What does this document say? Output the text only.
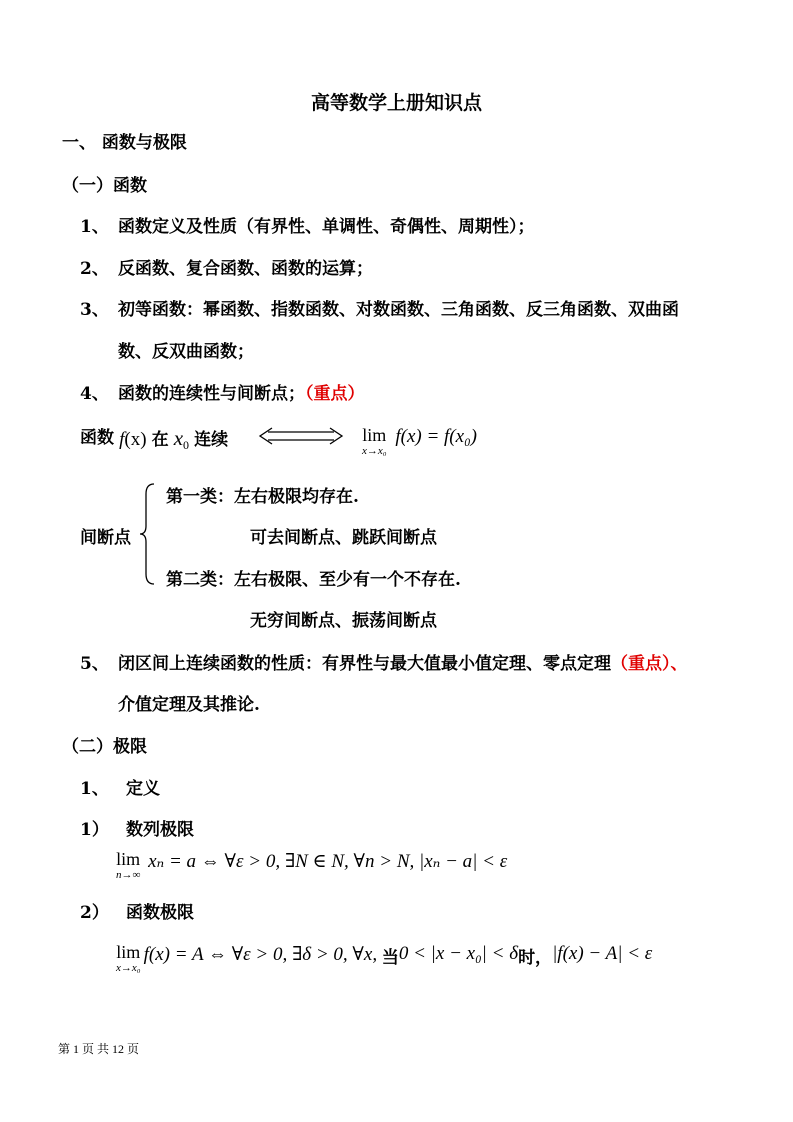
高等数学上册知识点
一、 函数与极限
（一）函数
1、 函数定义及性质（有界性、单调性、奇偶性、周期性）；
2、 反函数、复合函数、函数的运算；
3、 初等函数：幂函数、指数函数、对数函数、三角函数、反三角函数、双曲函
数、反双曲函数；
4、 函数的连续性与间断点；（重点）
函数 f(x) 在 $x_0$ 连续	lim
x→x₀
f(x) = f(x₀)
间断点
第一类：左右极限均存在.
可去间断点、跳跃间断点
第二类：左右极限、至少有一个不存在.
无穷间断点、振荡间断点
5、 闭区间上连续函数的性质：有界性与最大值最小值定理、零点定理（重点）、
介值定理及其推论.
（二）极限
1、 定义
1） 数列极限
lim
n→∞
xₙ = a ⇔ ∀ε > 0, ∃N ∈ N, ∀n > N, |xₙ − a| < ε
2） 函数极限
lim
x→x₀
f(x) = A ⇔ ∀ε > 0, ∃δ > 0, ∀x, 当0 < |x − x₀| < δ时，|f(x) − A| < ε
第 1 页 共 12 页
